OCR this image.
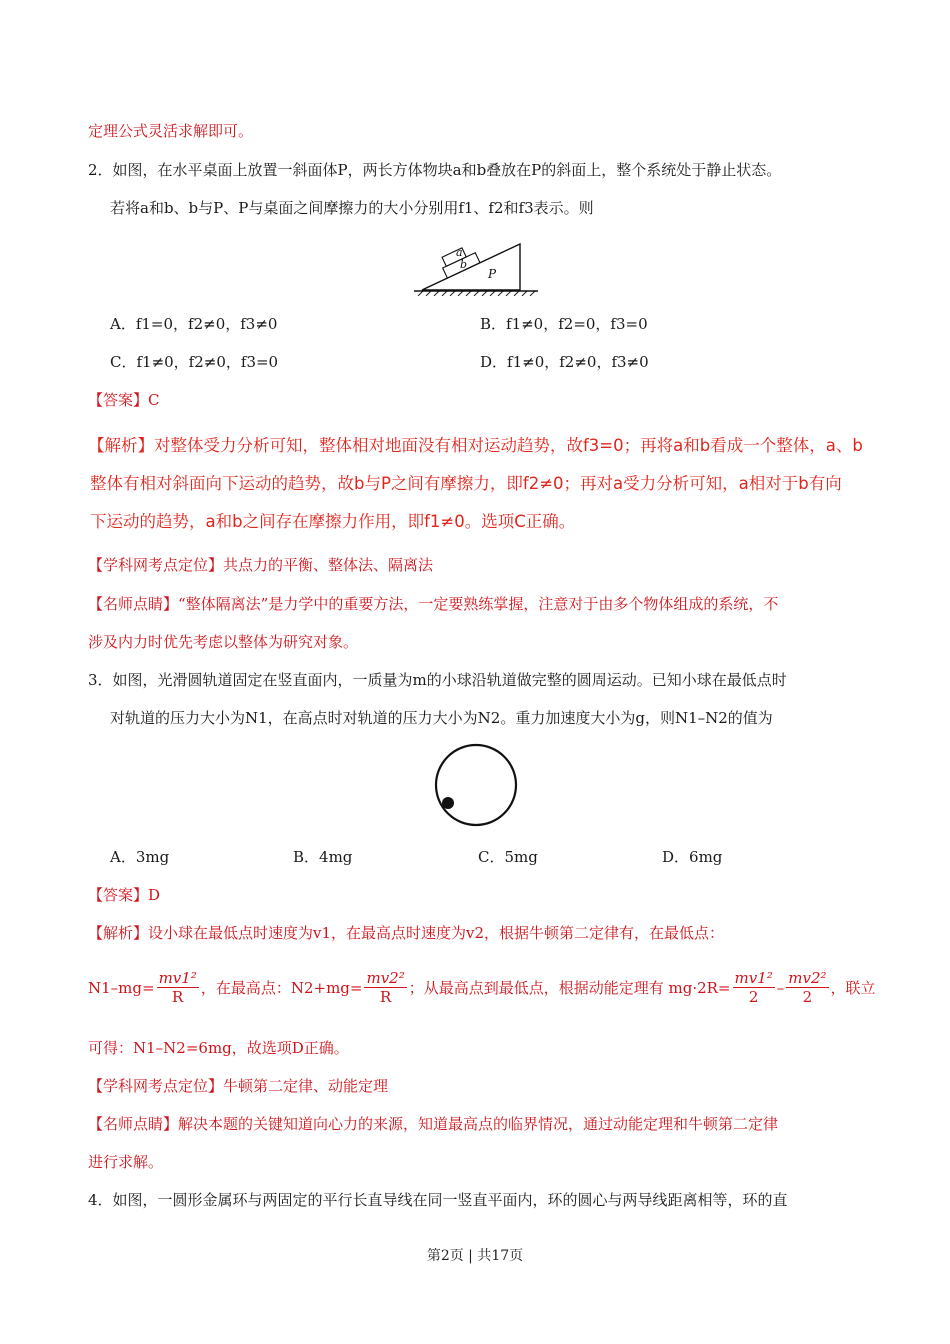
定理公式灵活求解即可。
2．如图，在水平桌面上放置一斜面体P，两长方体物块a和b叠放在P的斜面上，整个系统处于静止状态。
若将a和b、b与P、P与桌面之间摩擦力的大小分别用f1、f2和f3表示。则
a
b
P
A．f1=0，f2≠0，f3≠0	B．f1≠0，f2=0，f3=0
C．f1≠0，f2≠0，f3=0	D．f1≠0，f2≠0，f3≠0
【答案】C
【解析】对整体受力分析可知，整体相对地面没有相对运动趋势，故f3=0；再将a和b看成一个整体，a、b
整体有相对斜面向下运动的趋势，故b与P之间有摩擦力，即f2≠0；再对a受力分析可知，a相对于b有向
下运动的趋势，a和b之间存在摩擦力作用，即f1≠0。选项C正确。
【学科网考点定位】共点力的平衡、整体法、隔离法
【名师点睛】“整体隔离法”是力学中的重要方法，一定要熟练掌握，注意对于由多个物体组成的系统，不
涉及内力时优先考虑以整体为研究对象。
3．如图，光滑圆轨道固定在竖直面内，一质量为m的小球沿轨道做完整的圆周运动。已知小球在最低点时
对轨道的压力大小为N1，在高点时对轨道的压力大小为N2。重力加速度大小为g，则N1–N2的值为
A．3mg	B．4mg	C．5mg	D．6mg
【答案】D
【解析】设小球在最低点时速度为v1，在最高点时速度为v2，根据牛顿第二定律有，在最低点：
$N1-mg= \frac{\text{mv1²}}{R}$ ，在最高点：$N2+mg= \frac{\text{mv2²}}{R}$ ；从最高点到最低点，根据动能定理有 $mg\cdot 2R= \frac{\text{mv1²}}{2} - \frac{\text{mv2²}}{2}$ ，联立
可得：N1–N2=6mg，故选项D正确。
【学科网考点定位】牛顿第二定律、动能定理
【名师点睛】解决本题的关键知道向心力的来源，知道最高点的临界情况，通过动能定理和牛顿第二定律
进行求解。
4．如图，一圆形金属环与两固定的平行长直导线在同一竖直平面内，环的圆心与两导线距离相等，环的直
第2页 | 共17页
